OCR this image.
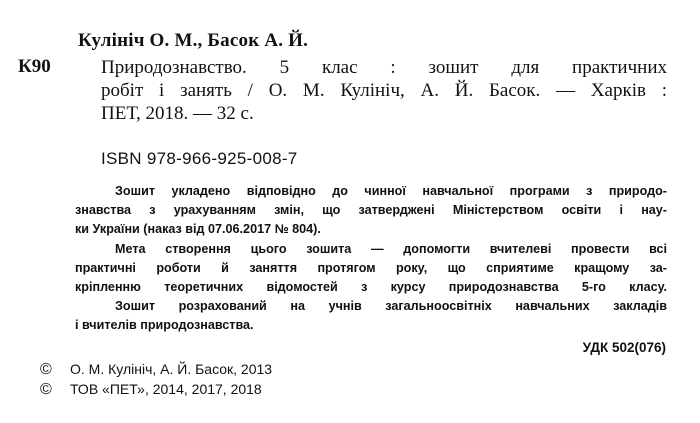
Кулініч О. М., Басок А. Й.
К90	Природознавство. 5 клас : зошит для практичних
робіт і занять / О. М. Кулініч, А. Й. Басок. — Харків :
ПЕТ, 2018. — 32 с.
ISBN 978-966-925-008-7
Зошит укладено відповідно до чинної навчальної програми з природо-
знавства з урахуванням змін, що затверджені Міністерством освіти і нау-
ки України (наказ від 07.06.2017 № 804).
Мета створення цього зошита — допомогти вчителеві провести всі
практичні роботи й заняття протягом року, що сприятиме кращому за-
кріпленню теоретичних відомостей з курсу природознавства 5-го класу.
Зошит розрахований на учнів загальноосвітніх навчальних закладів
і вчителів природознавства.
УДК 502(076)
© О. М. Кулініч, А. Й. Басок, 2013
© ТОВ «ПЕТ», 2014, 2017, 2018
